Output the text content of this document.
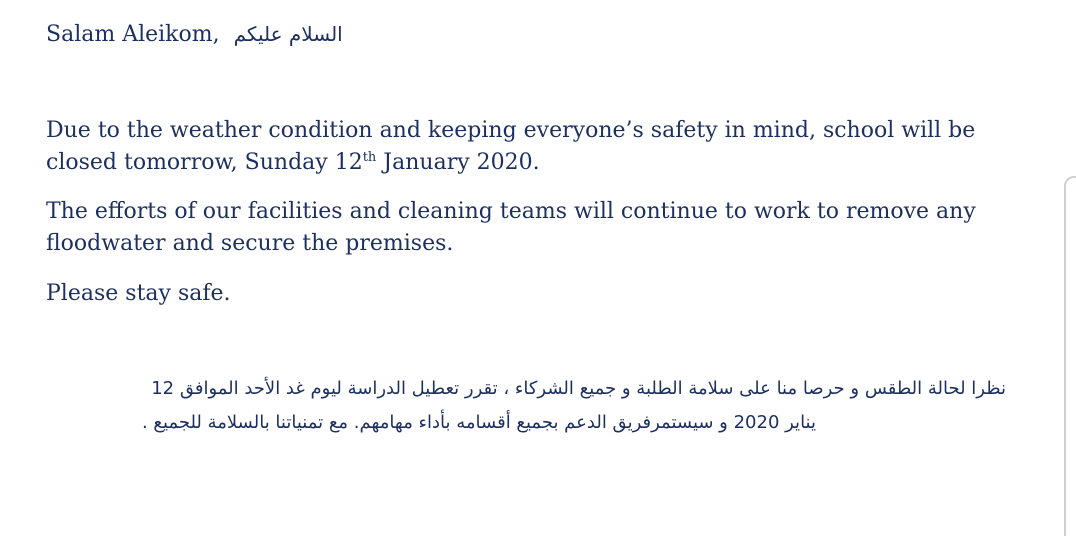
Salam Aleikom, السلام عليكم

Due to the weather condition and keeping everyone’s safety in mind, school will be closed tomorrow, Sunday 12th January 2020.

The efforts of our facilities and cleaning teams will continue to work to remove any floodwater and secure the premises.

Please stay safe.

نظرا لحالة الطقس و حرصا منا على سلامة الطلبة و جميع الشركاء ، تقرر تعطيل الدراسة ليوم غد الأحد الموافق 12
يناير 2020 و سيستمرفريق الدعم بجميع أقسامه بأداء مهامهم. مع تمنياتنا بالسلامة للجميع .
